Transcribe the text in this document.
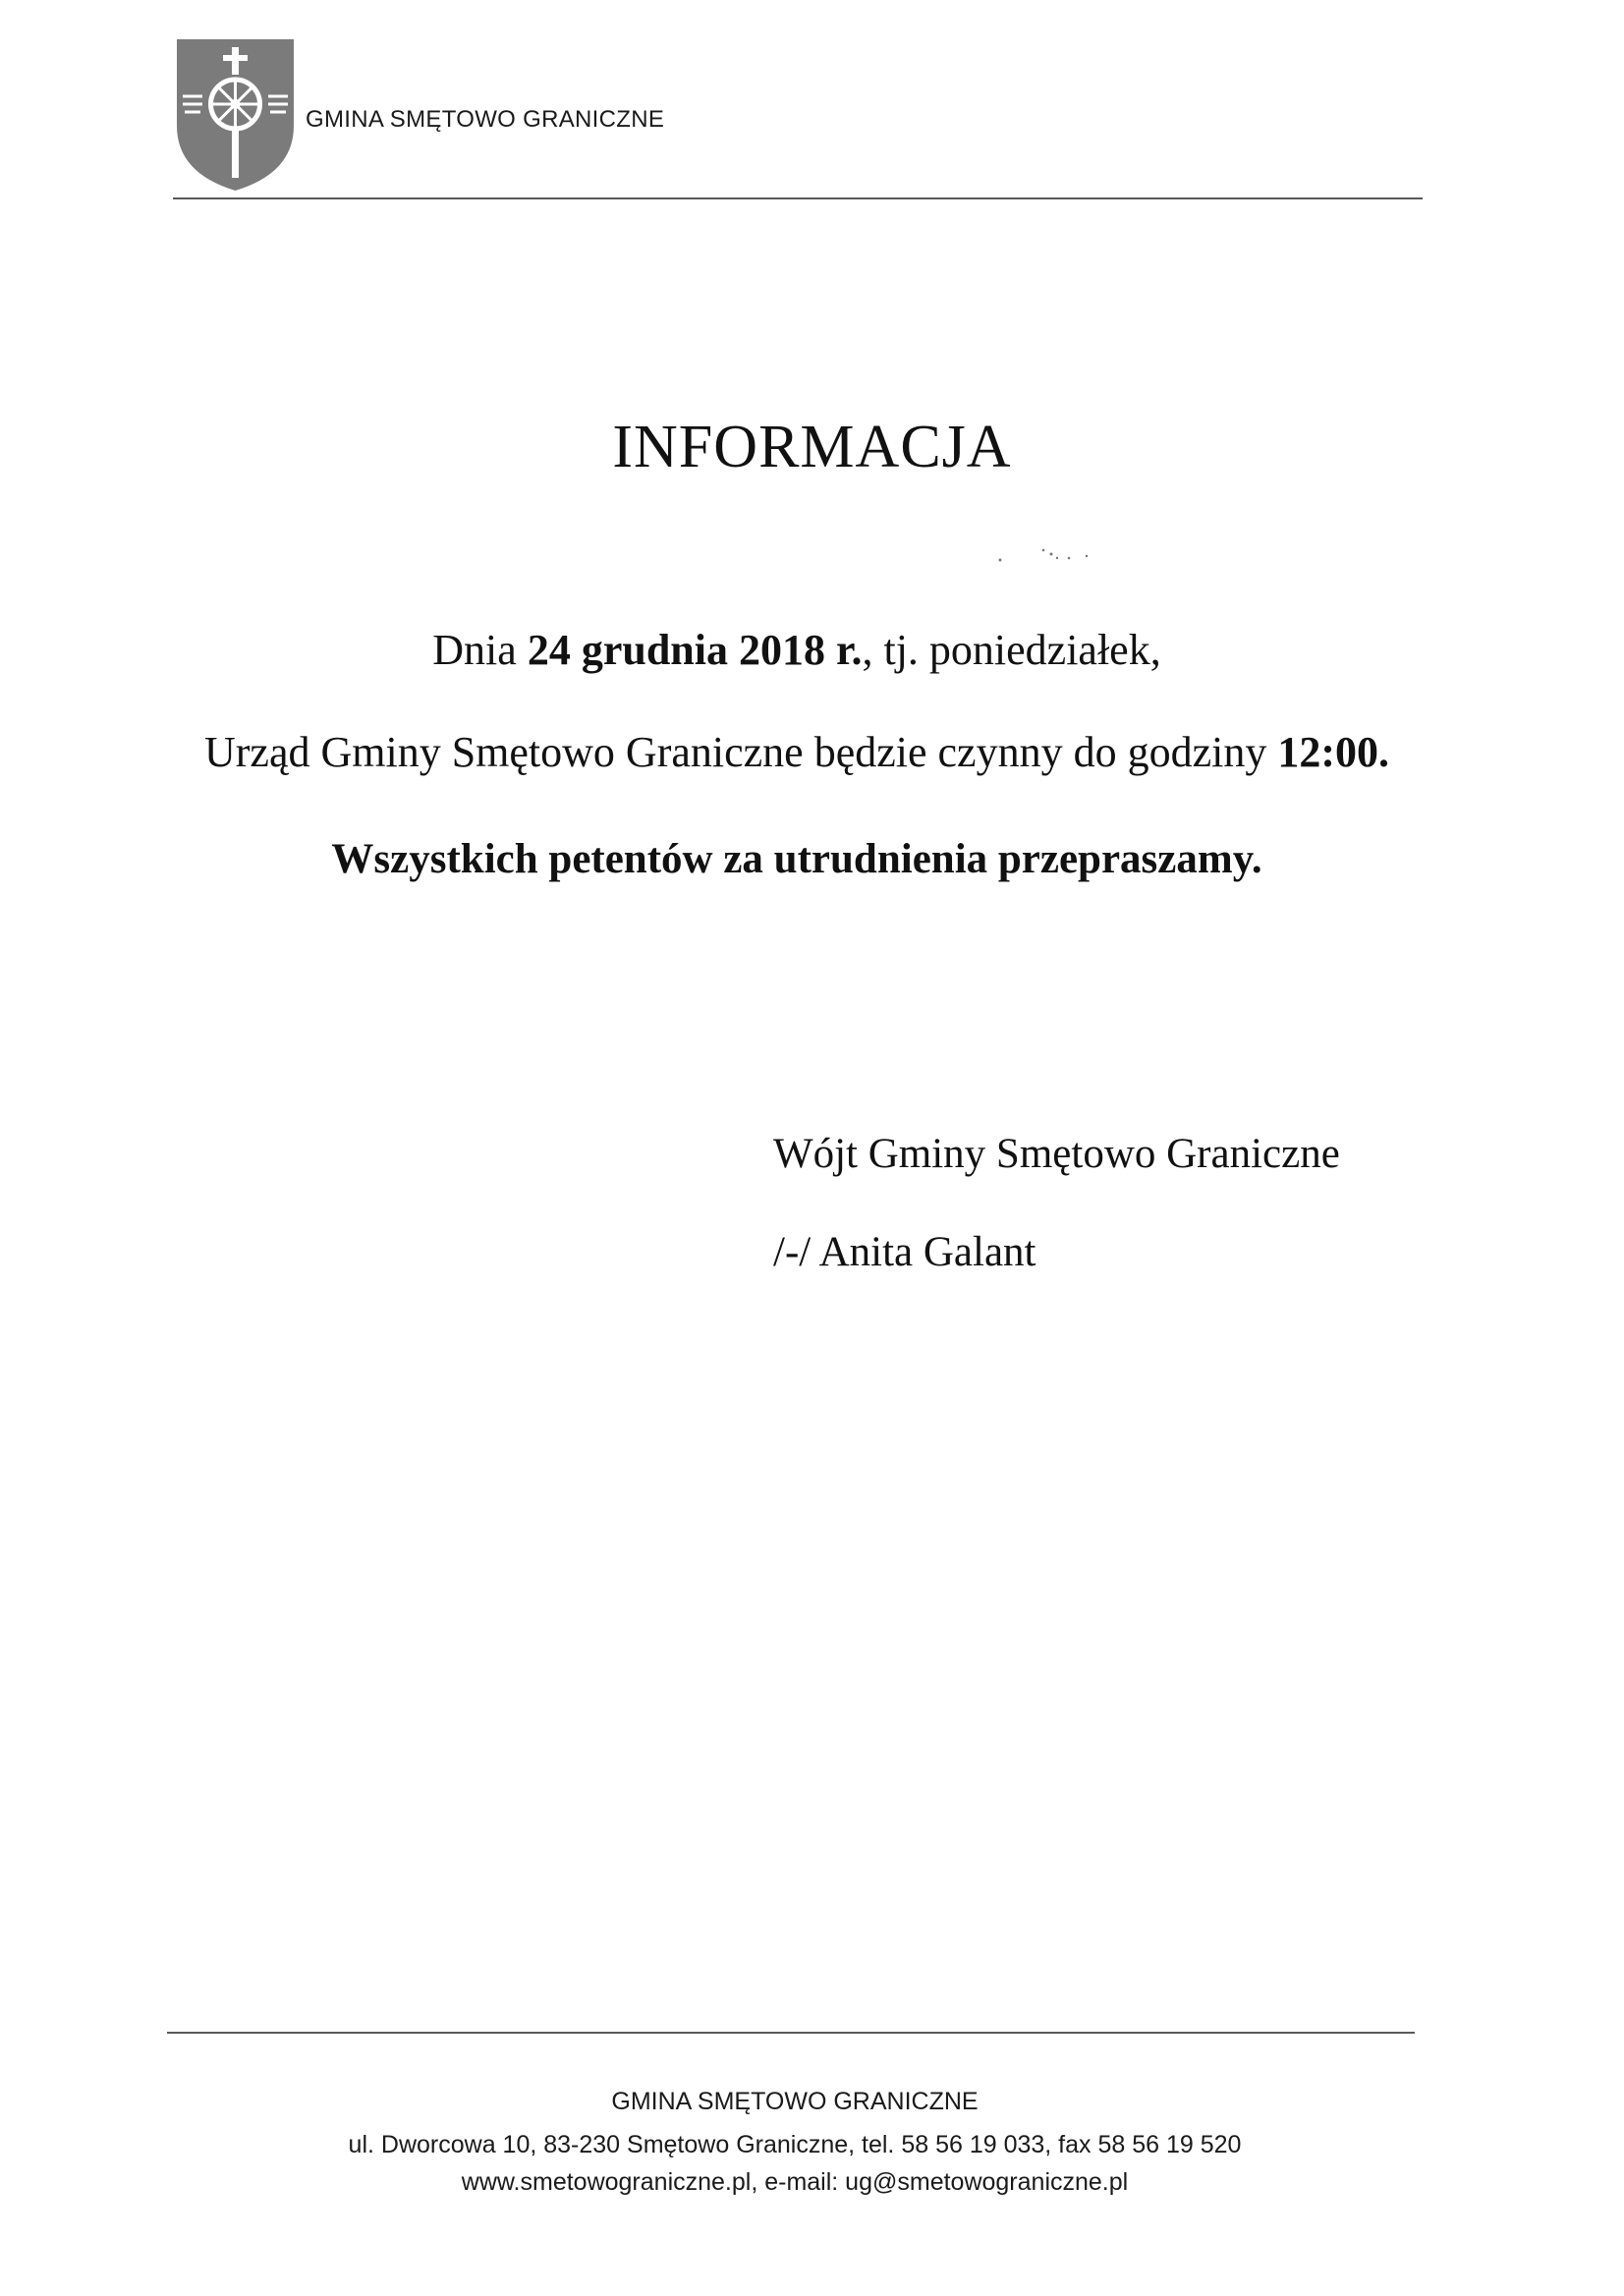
GMINA SMĘTOWO GRANICZNE
INFORMACJA
Dnia 24 grudnia 2018 r., tj. poniedziałek,
Urząd Gminy Smętowo Graniczne będzie czynny do godziny 12:00.
Wszystkich petentów za utrudnienia przepraszamy.
Wójt Gminy Smętowo Graniczne
/-/ Anita Galant
GMINA SMĘTOWO GRANICZNE
ul. Dworcowa 10, 83-230 Smętowo Graniczne, tel. 58 56 19 033, fax 58 56 19 520
www.smetowograniczne.pl, e-mail: ug@smetowograniczne.pl
